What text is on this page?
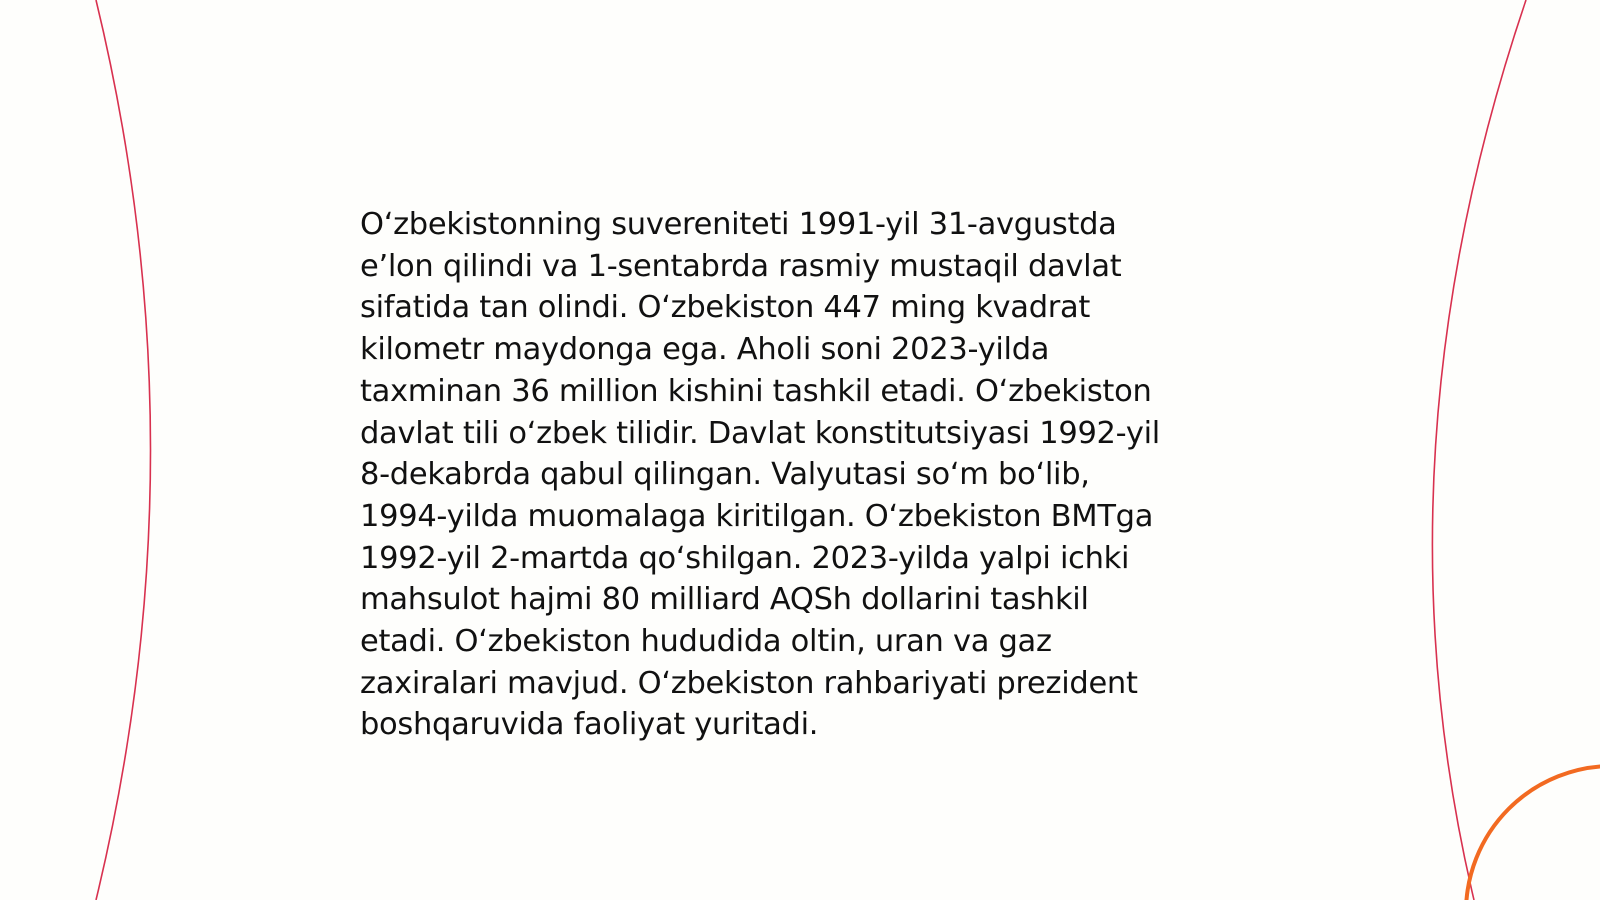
O‘zbekistonning suvereniteti 1991-yil 31-avgustda
e’lon qilindi va 1-sentabrda rasmiy mustaqil davlat
sifatida tan olindi. O‘zbekiston 447 ming kvadrat
kilometr maydonga ega. Aholi soni 2023-yilda
taxminan 36 million kishini tashkil etadi. O‘zbekiston
davlat tili o‘zbek tilidir. Davlat konstitutsiyasi 1992-yil
8-dekabrda qabul qilingan. Valyutasi so‘m bo‘lib,
1994-yilda muomalaga kiritilgan. O‘zbekiston BMTga
1992-yil 2-martda qo‘shilgan. 2023-yilda yalpi ichki
mahsulot hajmi 80 milliard AQSh dollarini tashkil
etadi. O‘zbekiston hududida oltin, uran va gaz
zaxiralari mavjud. O‘zbekiston rahbariyati prezident
boshqaruvida faoliyat yuritadi.
